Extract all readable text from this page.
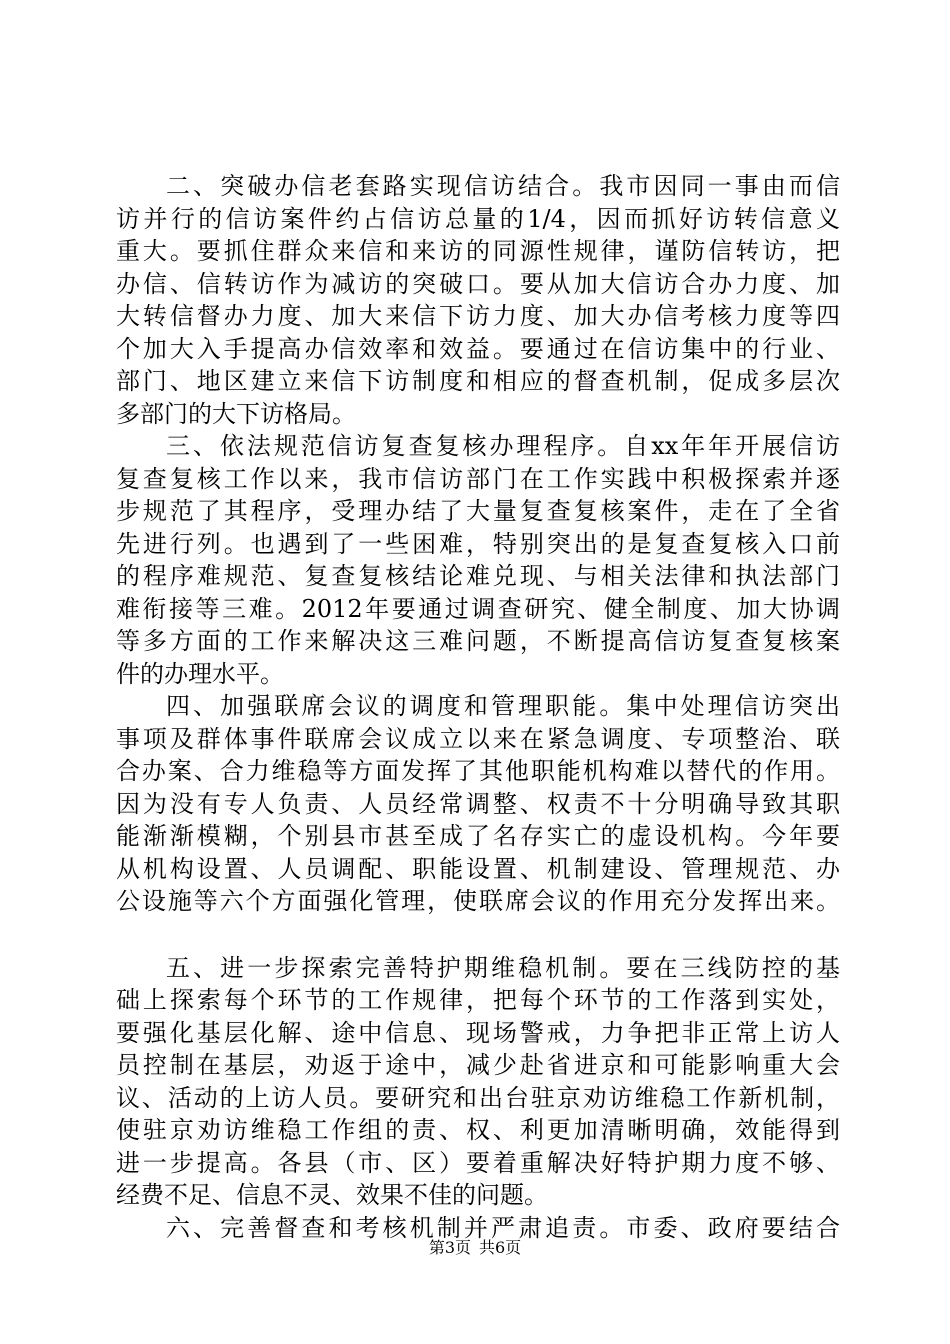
二、突破办信老套路实现信访结合。我市因同一事由而信
访并行的信访案件约占信访总量的1/4，因而抓好访转信意义
重大。要抓住群众来信和来访的同源性规律，谨防信转访，把
办信、信转访作为减访的突破口。要从加大信访合办力度、加
大转信督办力度、加大来信下访力度、加大办信考核力度等四
个加大入手提高办信效率和效益。要通过在信访集中的行业、
部门、地区建立来信下访制度和相应的督查机制，促成多层次
多部门的大下访格局。
三、依法规范信访复查复核办理程序。自xx年年开展信访
复查复核工作以来，我市信访部门在工作实践中积极探索并逐
步规范了其程序，受理办结了大量复查复核案件，走在了全省
先进行列。也遇到了一些困难，特别突出的是复查复核入口前
的程序难规范、复查复核结论难兑现、与相关法律和执法部门
难衔接等三难。2012年要通过调查研究、健全制度、加大协调
等多方面的工作来解决这三难问题，不断提高信访复查复核案
件的办理水平。
四、加强联席会议的调度和管理职能。集中处理信访突出
事项及群体事件联席会议成立以来在紧急调度、专项整治、联
合办案、合力维稳等方面发挥了其他职能机构难以替代的作用。
因为没有专人负责、人员经常调整、权责不十分明确导致其职
能渐渐模糊，个别县市甚至成了名存实亡的虚设机构。今年要
从机构设置、人员调配、职能设置、机制建设、管理规范、办
公设施等六个方面强化管理，使联席会议的作用充分发挥出来。
五、进一步探索完善特护期维稳机制。要在三线防控的基
础上探索每个环节的工作规律，把每个环节的工作落到实处，
要强化基层化解、途中信息、现场警戒，力争把非正常上访人
员控制在基层，劝返于途中，减少赴省进京和可能影响重大会
议、活动的上访人员。要研究和出台驻京劝访维稳工作新机制，
使驻京劝访维稳工作组的责、权、利更加清晰明确，效能得到
进一步提高。各县（市、区）要着重解决好特护期力度不够、
经费不足、信息不灵、效果不佳的问题。
六、完善督查和考核机制并严肃追责。市委、政府要结合
第3页 共6页
